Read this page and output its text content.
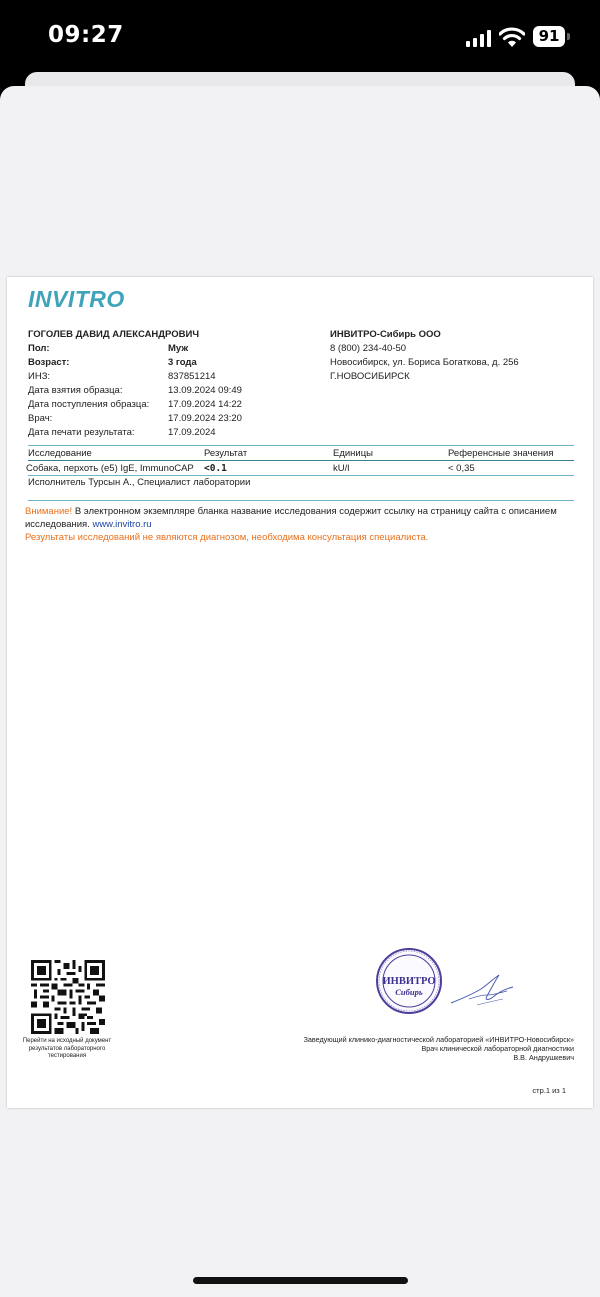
09:27	91
INVITRO
ГОГОЛЕВ ДАВИД АЛЕКСАНДРОВИЧ
Пол:	Муж
Возраст:	3 года
ИНЗ:	837851214
Дата взятия образца:	13.09.2024 09:49
Дата поступления образца: 17.09.2024 14:22
Врач:	17.09.2024 23:20
Дата печати результата:	17.09.2024
ИНВИТРО-Сибирь ООО
8 (800) 234-40-50
Новосибирск, ул. Бориса Богаткова, д. 256
Г.НОВОСИБИРСК
Исследование	Результат	Единицы	Референсные значения
Собака, перхоть (e5) IgE, ImmunoCAP <0.1	kU/l	< 0,35
Исполнитель Турсын А., Специалист лаборатории
Внимание! В электронном экземпляре бланка название исследования содержит ссылку на страницу сайта с описанием исследования. www.invitro.ru
Результаты исследований не являются диагнозом, необходима консультация специалиста.
Перейти на исходный документ результатов лабораторного тестирования
ИНВИТРО
Сибирь
Заведующий клинико-диагностической лабораторией «ИНВИТРО-Новосибирск»
Врач клинической лабораторной диагностики
В.В. Андрушкевич
стр.1 из 1
